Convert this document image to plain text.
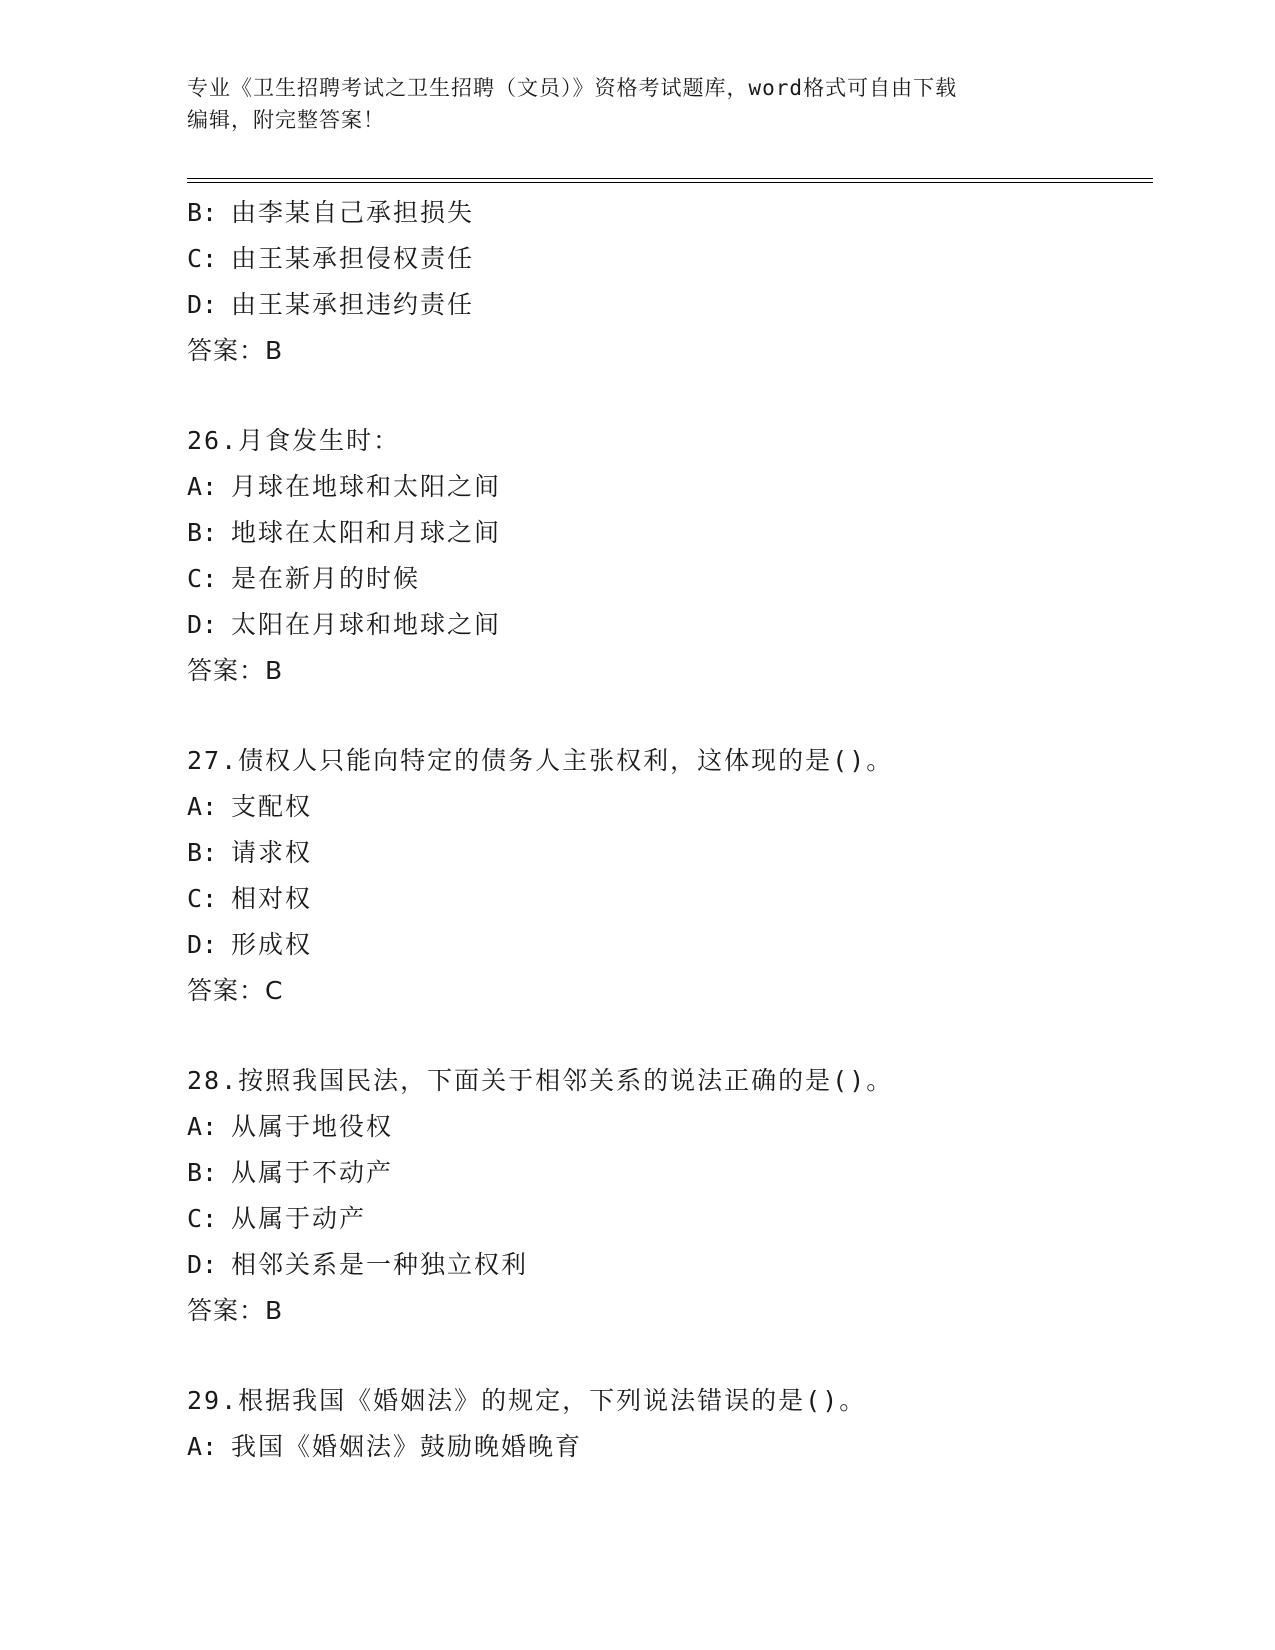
专业《卫生招聘考试之卫生招聘（文员）》资格考试题库，word格式可自由下载
编辑，附完整答案！
B: 由李某自己承担损失
C: 由王某承担侵权责任
D: 由王某承担违约责任
答案：B
26.月食发生时：
A: 月球在地球和太阳之间
B: 地球在太阳和月球之间
C: 是在新月的时候
D: 太阳在月球和地球之间
答案：B
27.债权人只能向特定的债务人主张权利，这体现的是()。
A: 支配权
B: 请求权
C: 相对权
D: 形成权
答案：C
28.按照我国民法，下面关于相邻关系的说法正确的是()。
A: 从属于地役权
B: 从属于不动产
C: 从属于动产
D: 相邻关系是一种独立权利
答案：B
29.根据我国《婚姻法》的规定，下列说法错误的是()。
A: 我国《婚姻法》鼓励晚婚晚育
